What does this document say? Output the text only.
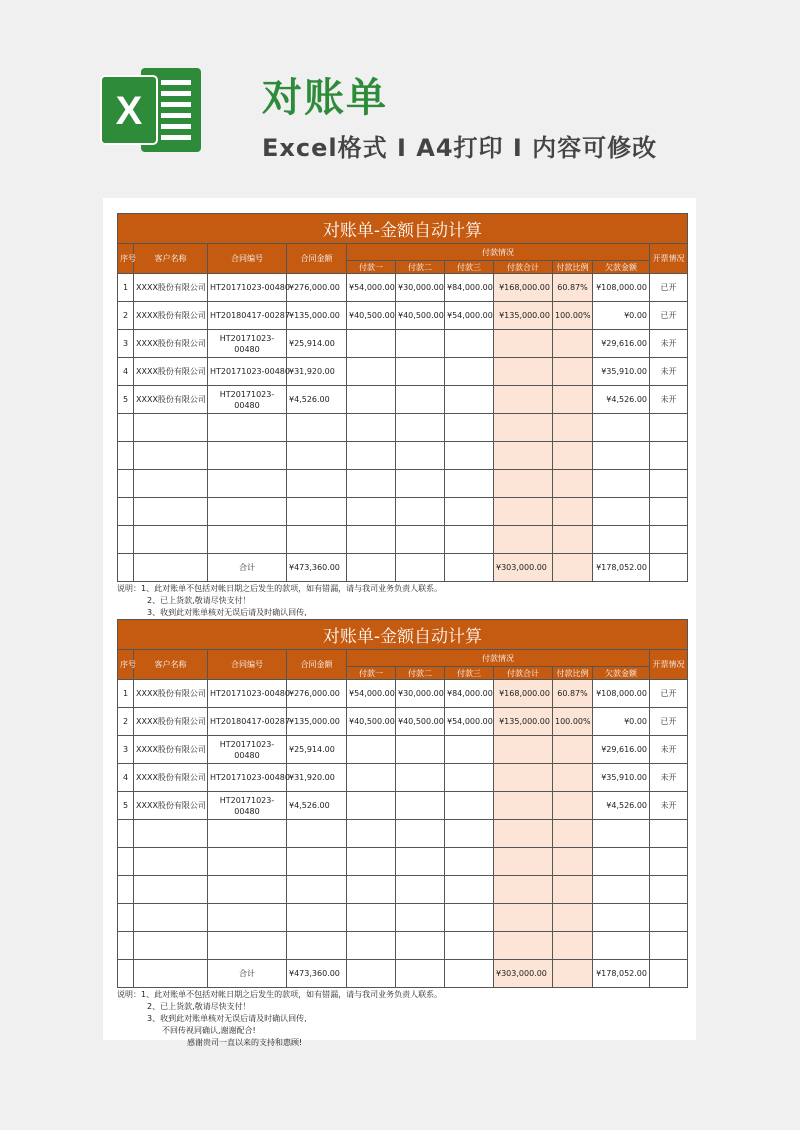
X	对账单
Excel格式 I A4打印 I 内容可修改
对账单-金额自动计算										
序号	客户名称	合同编号	合同金额	付款情况						开票情况
				付款一	付款二	付款三	付款合计	付款比例	欠款金额	
1	XXXX股份有限公司	HT20171023-00480	¥276,000.00	¥54,000.00	¥30,000.00	¥84,000.00	¥168,000.00	60.87%	¥108,000.00	已开
2	XXXX股份有限公司	HT20180417-00287	¥135,000.00	¥40,500.00	¥40,500.00	¥54,000.00	¥135,000.00	100.00%	¥0.00	已开
3	XXXX股份有限公司	HT20171023-00480	¥25,914.00						¥29,616.00	未开
4	XXXX股份有限公司	HT20171023-00480	¥31,920.00						¥35,910.00	未开
5	XXXX股份有限公司	HT20171023-00480	¥4,526.00						¥4,526.00	未开

		合计	¥473,360.00				¥303,000.00		¥178,052.00	
说明：1、此对账单不包括对帐日期之后发生的款项，如有错漏，请与我司业务负责人联系。
2、已上货款,敬请尽快支付！
3、收到此对账单核对无误后请及时确认回传,
对账单-金额自动计算										
序号	客户名称	合同编号	合同金额	付款情况						开票情况
				付款一	付款二	付款三	付款合计	付款比例	欠款金额	
1	XXXX股份有限公司	HT20171023-00480	¥276,000.00	¥54,000.00	¥30,000.00	¥84,000.00	¥168,000.00	60.87%	¥108,000.00	已开
2	XXXX股份有限公司	HT20180417-00287	¥135,000.00	¥40,500.00	¥40,500.00	¥54,000.00	¥135,000.00	100.00%	¥0.00	已开
3	XXXX股份有限公司	HT20171023-00480	¥25,914.00						¥29,616.00	未开
4	XXXX股份有限公司	HT20171023-00480	¥31,920.00						¥35,910.00	未开
5	XXXX股份有限公司	HT20171023-00480	¥4,526.00						¥4,526.00	未开

		合计	¥473,360.00				¥303,000.00		¥178,052.00	
说明：1、此对账单不包括对帐日期之后发生的款项，如有错漏，请与我司业务负责人联系。
2、已上货款,敬请尽快支付！
3、收到此对账单核对无误后请及时确认回传,
不回传视同确认,谢谢配合!
感谢贵司一直以来的支持和惠顾!
